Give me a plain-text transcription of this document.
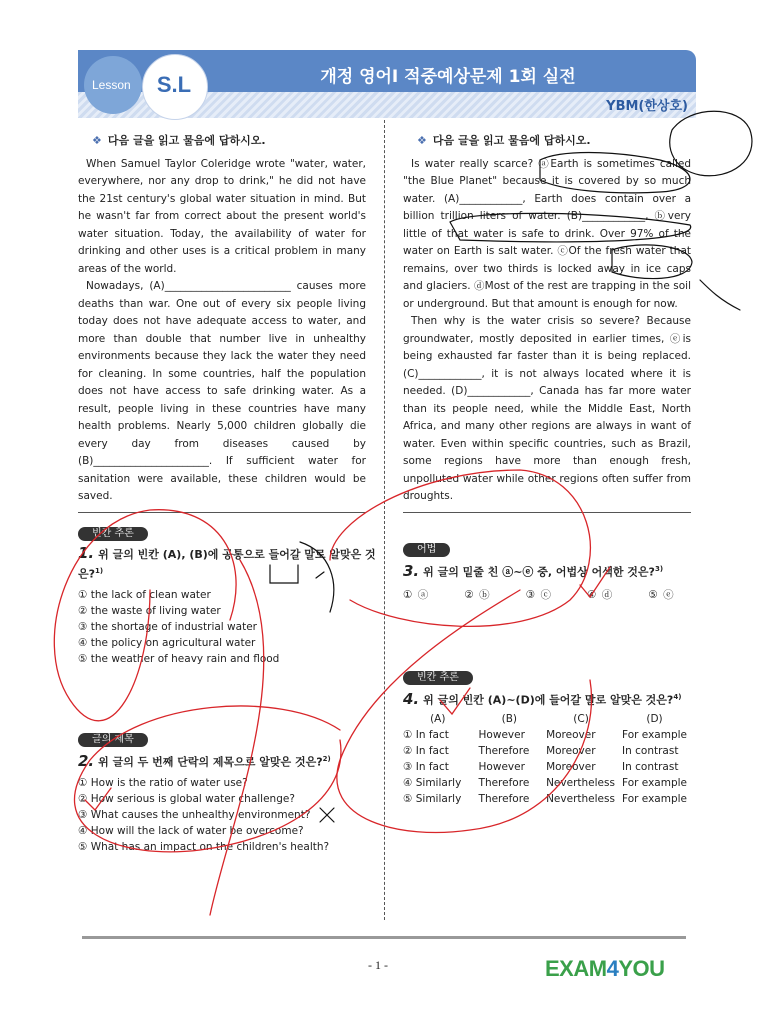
Lesson	S.L	개정 영어Ⅰ 적중예상문제 1회 실전
YBM(한상호)
❖ 다음 글을 읽고 물음에 답하시오.

When Samuel Taylor Coleridge wrote "water, water, everywhere, nor any drop to drink," he did not have the 21st century's global water situation in mind. But he wasn't far from correct about the present world's water situation. Today, the availability of water for drinking and other uses is a critical problem in many areas of the world.

Nowadays, (A)________________________ causes more deaths than war. One out of every six people living today does not have adequate access to water, and more than double that number live in unhealthy environments because they lack the water they need for cleaning. In some countries, half the population does not have access to safe drinking water. As a result, people living in these countries have many health problems. Nearly 5,000 children globally die every day from diseases caused by (B)______________________. If sufficient water for sanitation were available, these children would be saved.

빈칸 추론
1. 위 글의 빈칸 (A), (B)에 공통으로 들어갈 말로 알맞은 것은?$^{1)}$
① the lack of clean water
② the waste of living water
③ the shortage of industrial water
④ the policy on agricultural water
⑤ the weather of heavy rain and flood
글의 제목
2. 위 글의 두 번째 단락의 제목으로 알맞은 것은?$^{2)}$
① How is the ratio of water use?
② How serious is global water challenge?
③ What causes the unhealthy environment?
④ How will the lack of water be overcome?
⑤ What has an impact on the children's health?
❖ 다음 글을 읽고 물음에 답하시오.

Is water really scarce? ⓐEarth is sometimes called "the Blue Planet" because it is covered by so much water. (A)____________, Earth does contain over a billion trillion liters of water. (B)____________, ⓑvery little of that water is safe to drink. Over 97% of the water on Earth is salt water. ⓒOf the fresh water that remains, over two thirds is locked away in ice caps and glaciers. ⓓMost of the rest are trapping in the soil or underground. But that amount is enough for now.

Then why is the water crisis so severe? Because groundwater, mostly deposited in earlier times, ⓔis being exhausted far faster than it is being replaced. (C)____________, it is not always located where it is needed. (D)____________, Canada has far more water than its people need, while the Middle East, North Africa, and many other regions are always in want of water. Even within specific countries, such as Brazil, some regions have more than enough fresh, unpolluted water while other regions often suffer from droughts.

어법
3. 위 글의 밑줄 친 ⓐ~ⓔ 중, 어법상 어색한 것은?$^{3)}$
① ⓐ	② ⓑ	③ ⓒ	④ ⓓ	⑤ ⓔ
빈칸 추론
4. 위 글의 빈칸 (A)~(D)에 들어갈 말로 알맞은 것은?$^{4)}$
(A)	(B)	(C)	(D)
① In fact	However	Moreover	For example
② In fact	Therefore	Moreover	In contrast
③ In fact	However	Moreover	In contrast
④ Similarly	Therefore	Nevertheless	For example
⑤ Similarly	Therefore	Nevertheless	For example
- 1 -	EXAM4YOU
